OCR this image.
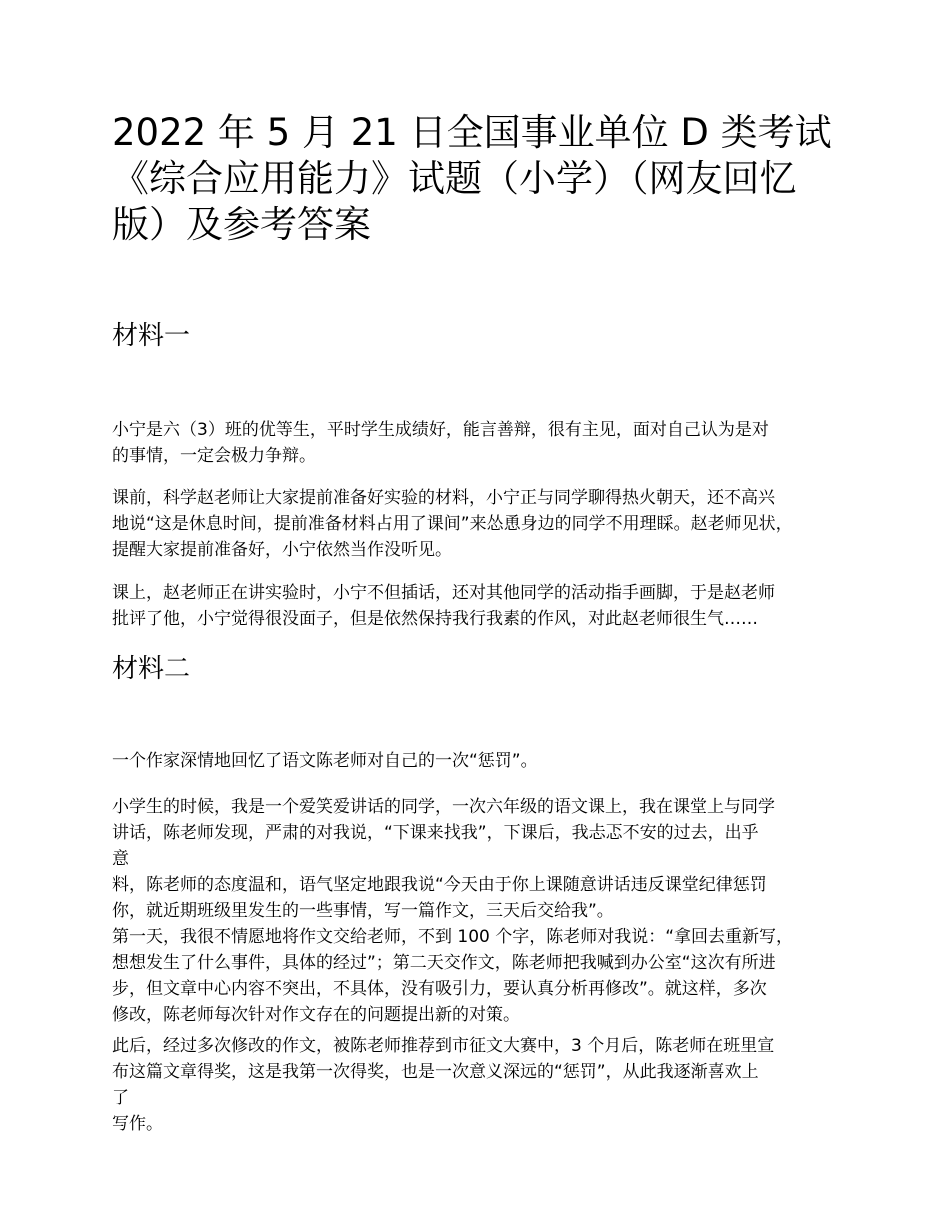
2022 年 5 月 21 日全国事业单位 D 类考试
《综合应用能力》试题（小学）（网友回忆
版）及参考答案
材料一
小宁是六（3）班的优等生，平时学生成绩好，能言善辩，很有主见，面对自己认为是对
的事情，一定会极力争辩。
课前，科学赵老师让大家提前准备好实验的材料，小宁正与同学聊得热火朝天，还不高兴
地说“这是休息时间，提前准备材料占用了课间”来怂恿身边的同学不用理睬。赵老师见状，
提醒大家提前准备好，小宁依然当作没听见。
课上，赵老师正在讲实验时，小宁不但插话，还对其他同学的活动指手画脚，于是赵老师
批评了他，小宁觉得很没面子，但是依然保持我行我素的作风，对此赵老师很生气……
材料二
一个作家深情地回忆了语文陈老师对自己的一次“惩罚”。
小学生的时候，我是一个爱笑爱讲话的同学，一次六年级的语文课上，我在课堂上与同学
讲话，陈老师发现，严肃的对我说，“下课来找我”，下课后，我忐忑不安的过去，出乎
意
料，陈老师的态度温和，语气坚定地跟我说“今天由于你上课随意讲话违反课堂纪律惩罚
你，就近期班级里发生的一些事情，写一篇作文，三天后交给我”。
第一天，我很不情愿地将作文交给老师，不到 100 个字，陈老师对我说：“拿回去重新写，
想想发生了什么事件，具体的经过”；第二天交作文，陈老师把我喊到办公室“这次有所进
步，但文章中心内容不突出，不具体，没有吸引力，要认真分析再修改”。就这样，多次
修改，陈老师每次针对作文存在的问题提出新的对策。
此后，经过多次修改的作文，被陈老师推荐到市征文大赛中，3 个月后，陈老师在班里宣
布这篇文章得奖，这是我第一次得奖，也是一次意义深远的“惩罚”，从此我逐渐喜欢上
了
写作。
